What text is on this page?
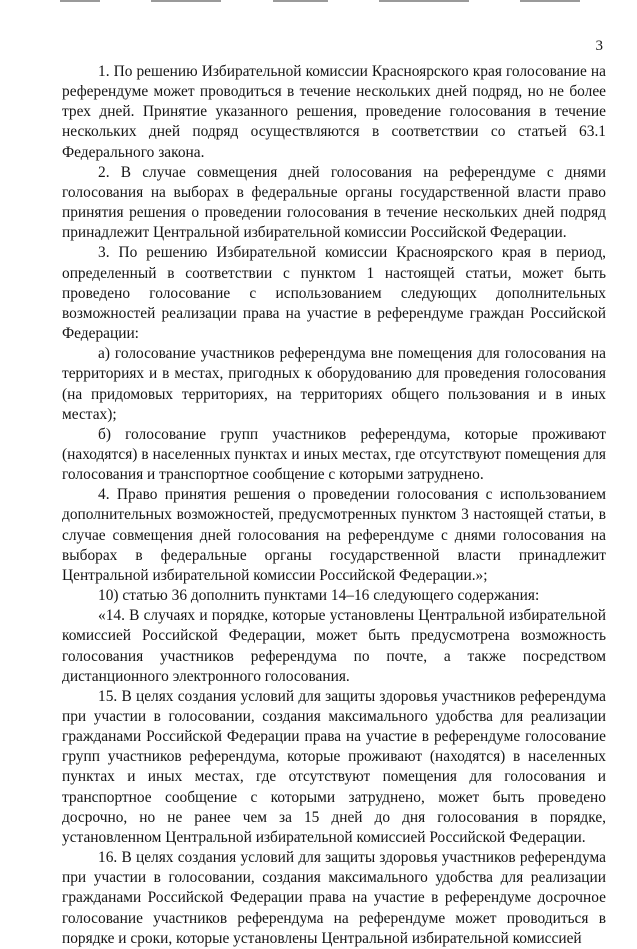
3

1. По решению Избирательной комиссии Красноярского края голосование на референдуме может проводиться в течение нескольких дней подряд, но не более трех дней. Принятие указанного решения, проведение голосования в течение нескольких дней подряд осуществляются в соответствии со статьей 63.1 Федерального закона.

2. В случае совмещения дней голосования на референдуме с днями голосования на выборах в федеральные органы государственной власти право принятия решения о проведении голосования в течение нескольких дней подряд принадлежит Центральной избирательной комиссии Российской Федерации.

3. По решению Избирательной комиссии Красноярского края в период, определенный в соответствии с пунктом 1 настоящей статьи, может быть проведено голосование с использованием следующих дополнительных возможностей реализации права на участие в референдуме граждан Российской Федерации:

а) голосование участников референдума вне помещения для голосования на территориях и в местах, пригодных к оборудованию для проведения голосования (на придомовых территориях, на территориях общего пользования и в иных местах);

б) голосование групп участников референдума, которые проживают (находятся) в населенных пунктах и иных местах, где отсутствуют помещения для голосования и транспортное сообщение с которыми затруднено.

4. Право принятия решения о проведении голосования с использованием дополнительных возможностей, предусмотренных пунктом 3 настоящей статьи, в случае совмещения дней голосования на референдуме с днями голосования на выборах в федеральные органы государственной власти принадлежит Центральной избирательной комиссии Российской Федерации.»;

10) статью 36 дополнить пунктами 14–16 следующего содержания:

«14. В случаях и порядке, которые установлены Центральной избирательной комиссией Российской Федерации, может быть предусмотрена возможность голосования участников референдума по почте, а также посредством дистанционного электронного голосования.

15. В целях создания условий для защиты здоровья участников референдума при участии в голосовании, создания максимального удобства для реализации гражданами Российской Федерации права на участие в референдуме голосование групп участников референдума, которые проживают (находятся) в населенных пунктах и иных местах, где отсутствуют помещения для голосования и транспортное сообщение с которыми затруднено, может быть проведено досрочно, но не ранее чем за 15 дней до дня голосования в порядке, установленном Центральной избирательной комиссией Российской Федерации.

16. В целях создания условий для защиты здоровья участников референдума при участии в голосовании, создания максимального удобства для реализации гражданами Российской Федерации права на участие в референдуме досрочное голосование участников референдума на референдуме может проводиться в порядке и сроки, которые установлены Центральной избирательной комиссией
